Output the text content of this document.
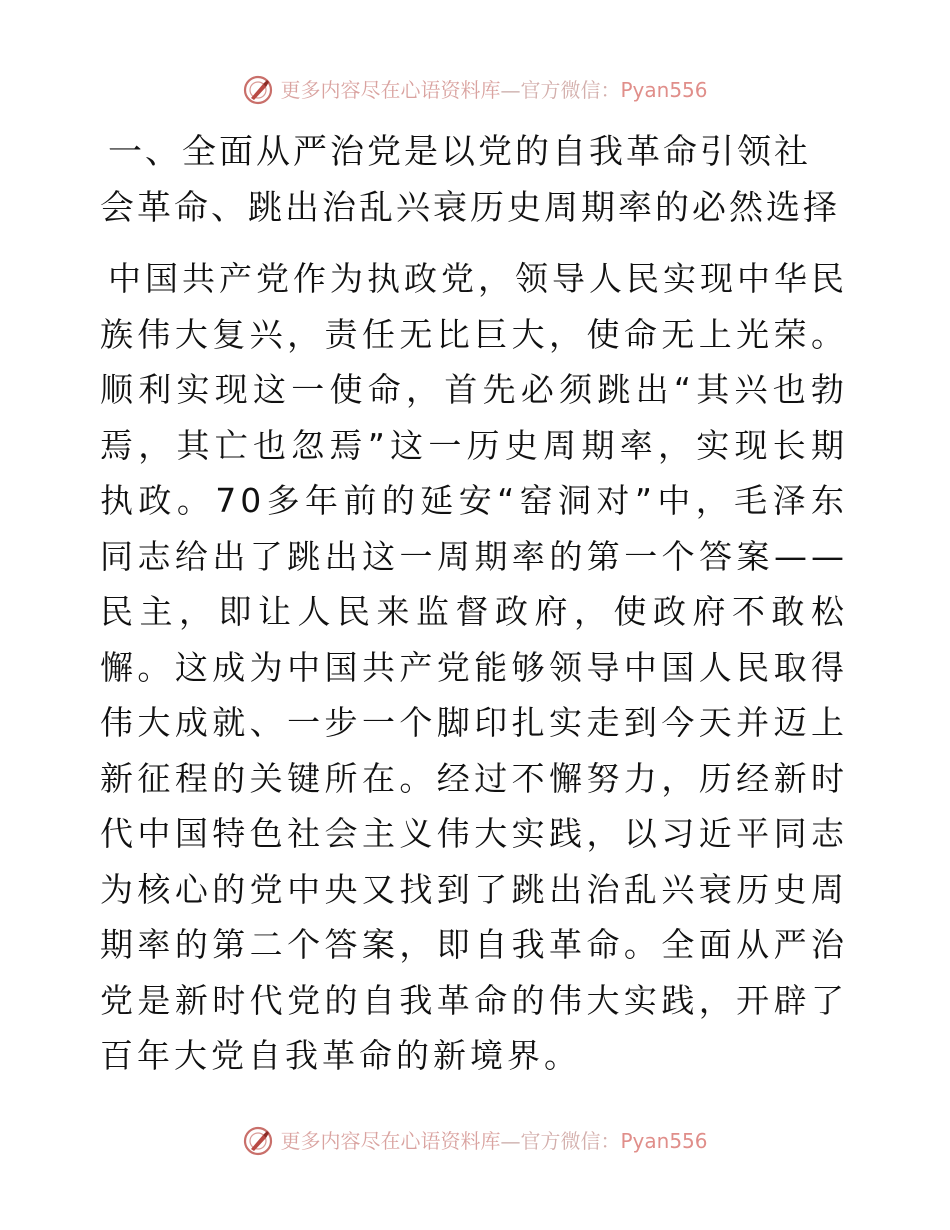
更多内容尽在心语资料库 — 官方微信： Pyan556
一、全面从严治党是以党的自我革命引领社会革命、跳出治乱兴衰历史周期率的必然选择

中国共产党作为执政党，领导人民实现中华民族伟大复兴，责任无比巨大，使命无上光荣。顺利实现这一使命，首先必须跳出“其兴也勃焉，其亡也忽焉”这一历史周期率，实现长期执政。70多年前的延安“窑洞对”中，毛泽东同志给出了跳出这一周期率的第一个答案——民主，即让人民来监督政府，使政府不敢松懈。这成为中国共产党能够领导中国人民取得伟大成就、一步一个脚印扎实走到今天并迈上新征程的关键所在。经过不懈努力，历经新时代中国特色社会主义伟大实践，以习近平同志为核心的党中央又找到了跳出治乱兴衰历史周期率的第二个答案，即自我革命。全面从严治党是新时代党的自我革命的伟大实践，开辟了百年大党自我革命的新境界。

更多内容尽在心语资料库 — 官方微信： Pyan556
